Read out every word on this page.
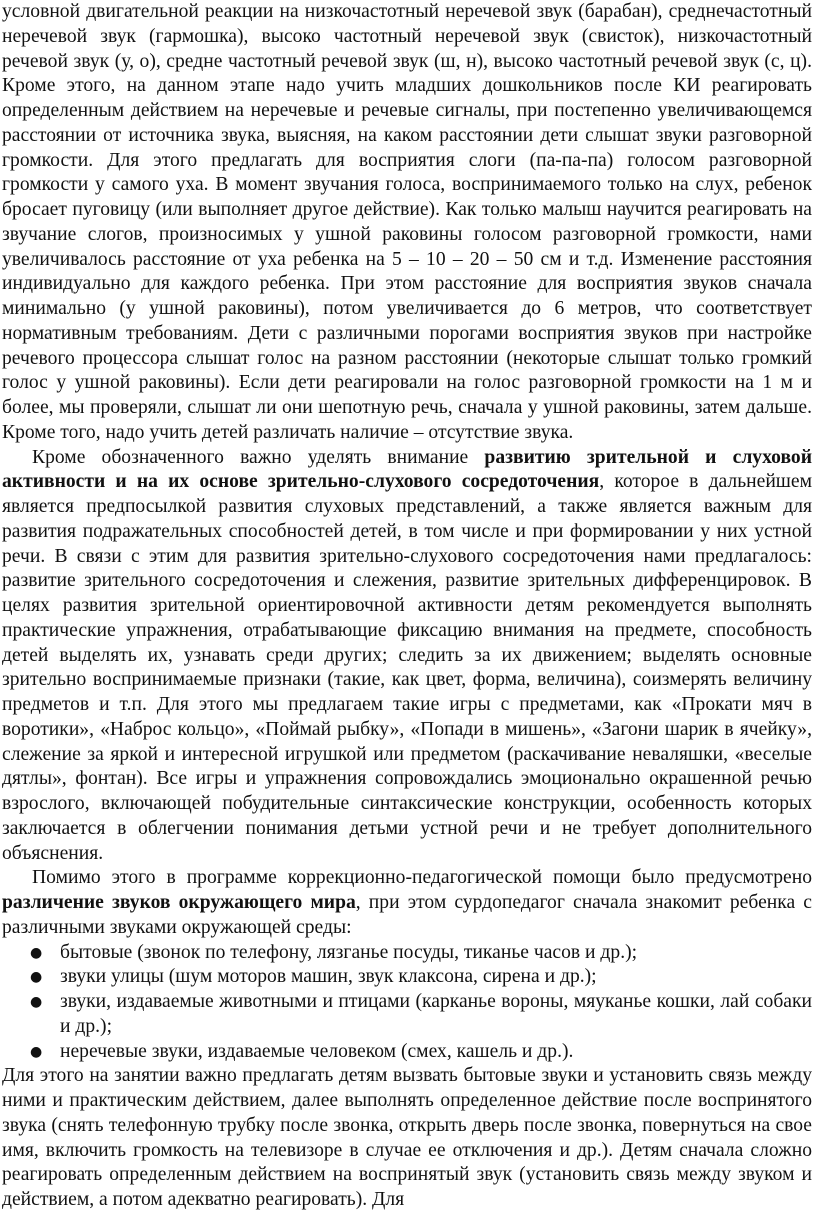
условной двигательной реакции на низкочастотный неречевой звук (барабан), среднечастотный неречевой звук (гармошка), высоко частотный неречевой звук (свисток), низкочастотный речевой звук (у, о), средне частотный речевой звук (ш, н), высоко частотный речевой звук (с, ц). Кроме этого, на данном этапе надо учить младших дошкольников после КИ реагировать определенным действием на неречевые и речевые сигналы, при постепенно увеличивающемся расстоянии от источника звука, выясняя, на каком расстоянии дети слышат звуки разговорной громкости. Для этого предлагать для восприятия слоги (па-па-па) голосом разговорной громкости у самого уха. В момент звучания голоса, воспринимаемого только на слух, ребенок бросает пуговицу (или выполняет другое действие). Как только малыш научится реагировать на звучание слогов, произносимых у ушной раковины голосом разговорной громкости, нами увеличивалось расстояние от уха ребенка на 5 – 10 – 20 – 50 см и т.д. Изменение расстояния индивидуально для каждого ребенка. При этом расстояние для восприятия звуков сначала минимально (у ушной раковины), потом увеличивается до 6 метров, что соответствует нормативным требованиям. Дети с различными порогами восприятия звуков при настройке речевого процессора слышат голос на разном расстоянии (некоторые слышат только громкий голос у ушной раковины). Если дети реагировали на голос разговорной громкости на 1 м и более, мы проверяли, слышат ли они шепотную речь, сначала у ушной раковины, затем дальше. Кроме того, надо учить детей различать наличие – отсутствие звука.

Кроме обозначенного важно уделять внимание развитию зрительной и слуховой активности и на их основе зрительно-слухового сосредоточения, которое в дальнейшем является предпосылкой развития слуховых представлений, а также является важным для развития подражательных способностей детей, в том числе и при формировании у них устной речи. В связи с этим для развития зрительно-слухового сосредоточения нами предлагалось: развитие зрительного сосредоточения и слежения, развитие зрительных дифференцировок. В целях развития зрительной ориентировочной активности детям рекомендуется выполнять практические упражнения, отрабатывающие фиксацию внимания на предмете, способность детей выделять их, узнавать среди других; следить за их движением; выделять основные зрительно воспринимаемые признаки (такие, как цвет, форма, величина), соизмерять величину предметов и т.п. Для этого мы предлагаем такие игры с предметами, как «Прокати мяч в воротики», «Наброс кольцо», «Поймай рыбку», «Попади в мишень», «Загони шарик в ячейку», слежение за яркой и интересной игрушкой или предметом (раскачивание неваляшки, «веселые дятлы», фонтан). Все игры и упражнения сопровождались эмоционально окрашенной речью взрослого, включающей побудительные синтаксические конструкции, особенность которых заключается в облегчении понимания детьми устной речи и не требует дополнительного объяснения.

Помимо этого в программе коррекционно-педагогической помощи было предусмотрено различение звуков окружающего мира, при этом сурдопедагог сначала знакомит ребенка с различными звуками окружающей среды:

● бытовые (звонок по телефону, лязганье посуды, тиканье часов и др.);
● звуки улицы (шум моторов машин, звук клаксона, сирена и др.);
● звуки, издаваемые животными и птицами (карканье вороны, мяуканье кошки, лай собаки и др.);
● неречевые звуки, издаваемые человеком (смех, кашель и др.).

Для этого на занятии важно предлагать детям вызвать бытовые звуки и установить связь между ними и практическим действием, далее выполнять определенное действие после воспринятого звука (снять телефонную трубку после звонка, открыть дверь после звонка, повернуться на свое имя, включить громкость на телевизоре в случае ее отключения и др.). Детям сначала сложно реагировать определенным действием на воспринятый звук (установить связь между звуком и действием, а потом адекватно реагировать). Для
